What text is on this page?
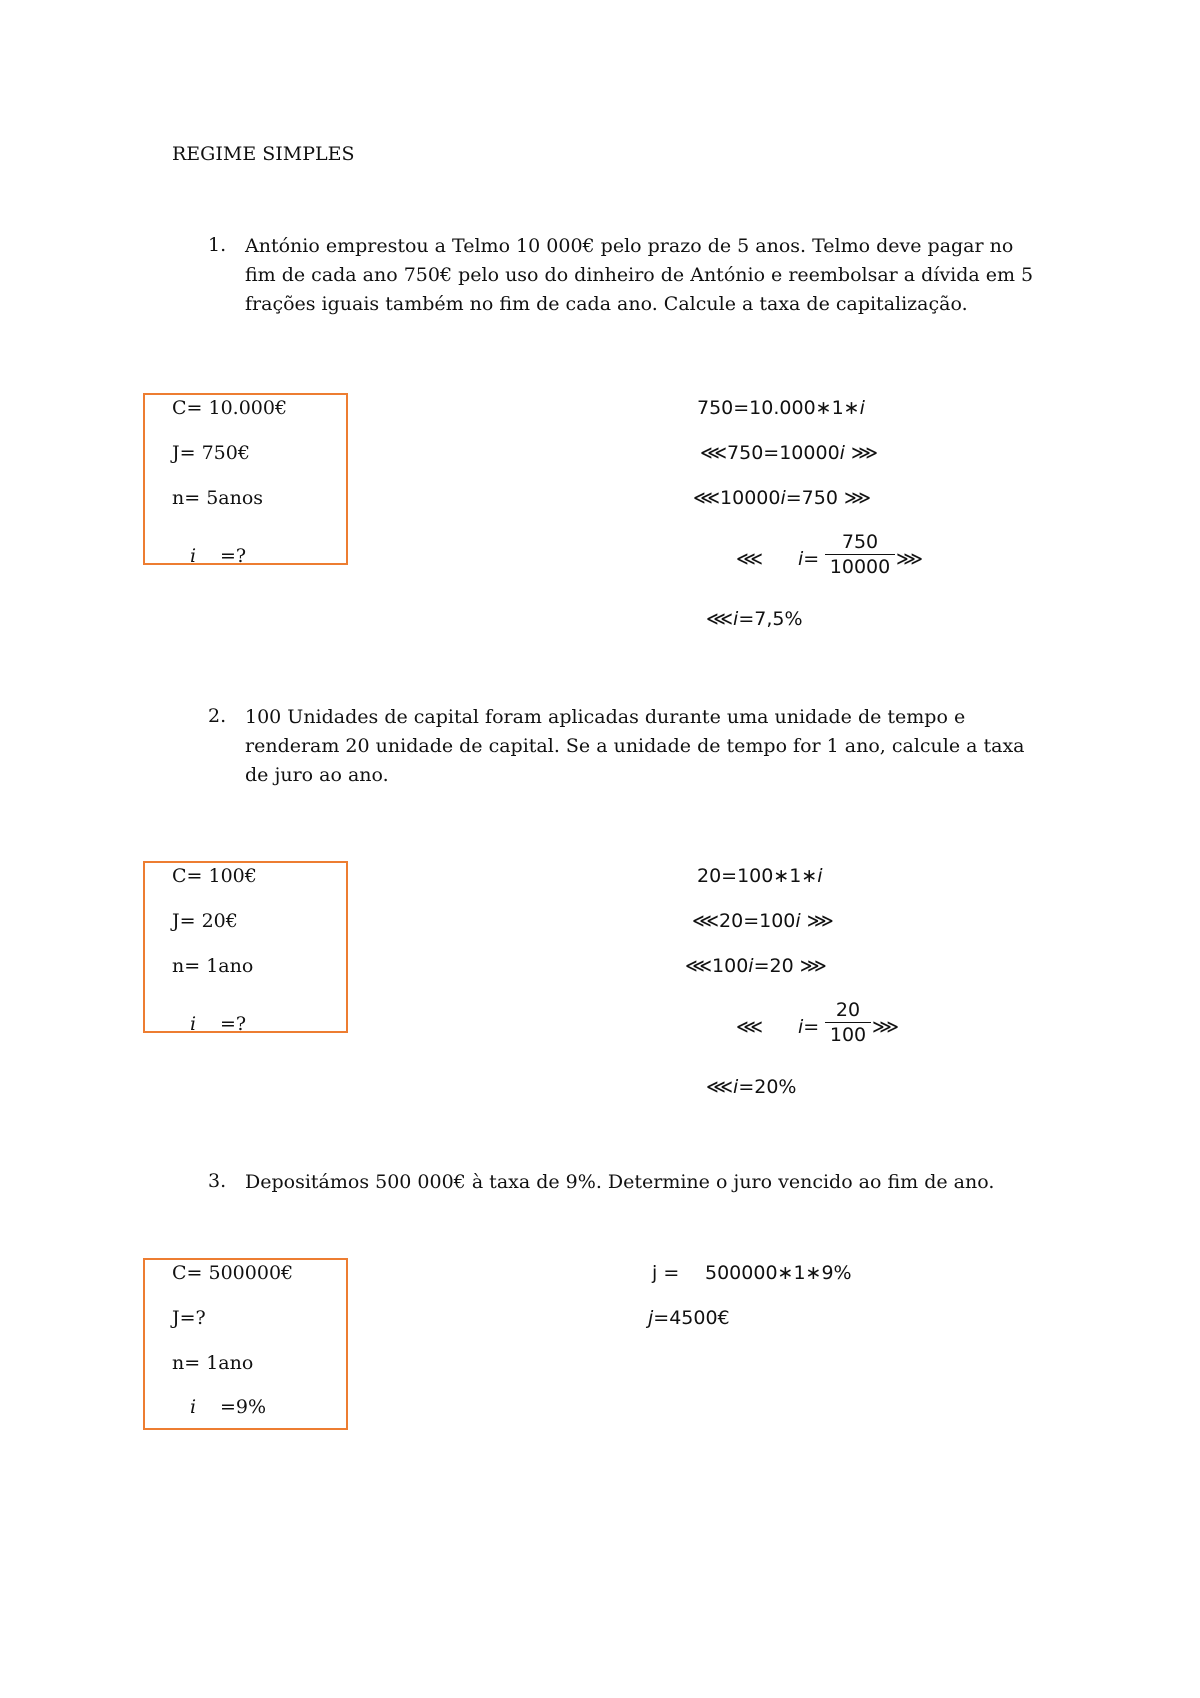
REGIME SIMPLES
1. António emprestou a Telmo 10 000€ pelo prazo de 5 anos. Telmo deve pagar no fim de cada ano 750€ pelo uso do dinheiro de António e reembolsar a dívida em 5 frações iguais também no fim de cada ano. Calcule a taxa de capitalização.
C= 10.000€
J= 750€
n= 5anos
i =?
750=10.000∗1∗i
⋘750=10000i ⋙
⋘10000i=750 ⋙
⋘ i=
750
10000 ⋙
⋘i=7,5%
2. 100 Unidades de capital foram aplicadas durante uma unidade de tempo e renderam 20 unidade de capital. Se a unidade de tempo for 1 ano, calcule a taxa de juro ao ano.
C= 100€
J= 20€
n= 1ano
i =?
20=100∗1∗i
⋘20=100i ⋙
⋘100i=20 ⋙
⋘ i=
20
100 ⋙
⋘i=20%
3. Depositámos 500 000€ à taxa de 9%. Determine o juro vencido ao fim de ano.
C= 500000€
J=?
n= 1ano
i =9%
j = 500000∗1∗9%
j=4500€
